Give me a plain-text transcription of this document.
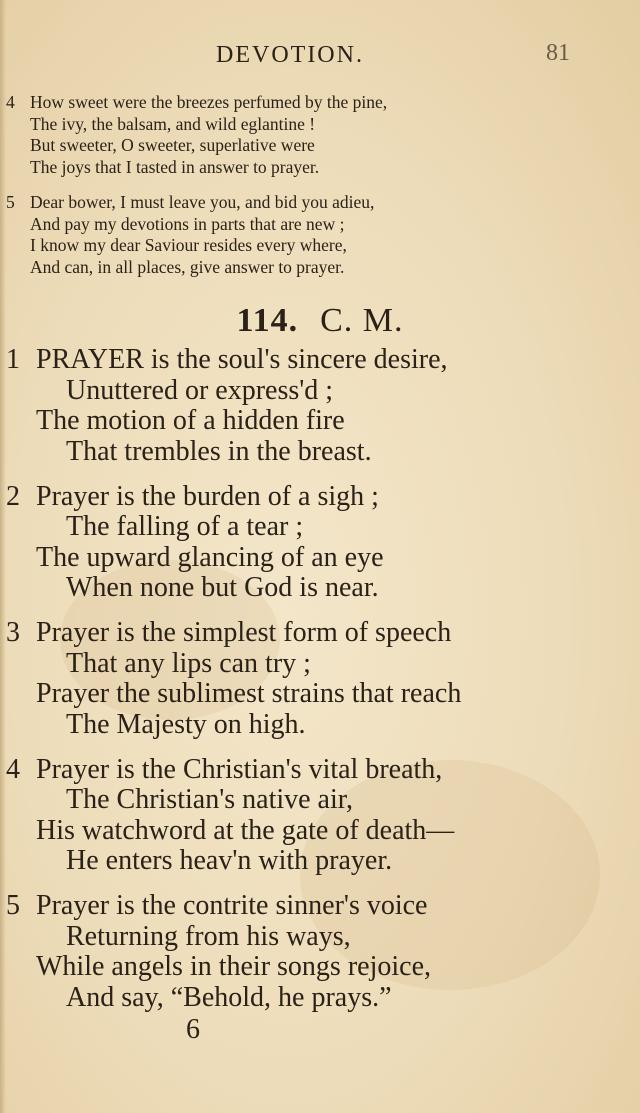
DEVOTION.	81
4 How sweet were the breezes perfumed by the pine,
The ivy, the balsam, and wild eglantine !
But sweeter, O sweeter, superlative were
The joys that I tasted in answer to prayer.
5 Dear bower, I must leave you, and bid you adieu,
And pay my devotions in parts that are new ;
I know my dear Saviour resides every where,
And can, in all places, give answer to prayer.
114. C. M.
1 PRAYER is the soul's sincere desire,
Unuttered or express'd ;
The motion of a hidden fire
That trembles in the breast.
2 Prayer is the burden of a sigh ;
The falling of a tear ;
The upward glancing of an eye
When none but God is near.
3 Prayer is the simplest form of speech
That any lips can try ;
Prayer the sublimest strains that reach
The Majesty on high.
4 Prayer is the Christian's vital breath,
The Christian's native air,
His watchword at the gate of death—
He enters heav'n with prayer.
5 Prayer is the contrite sinner's voice
Returning from his ways,
While angels in their songs rejoice,
And say, “Behold, he prays.”
6
